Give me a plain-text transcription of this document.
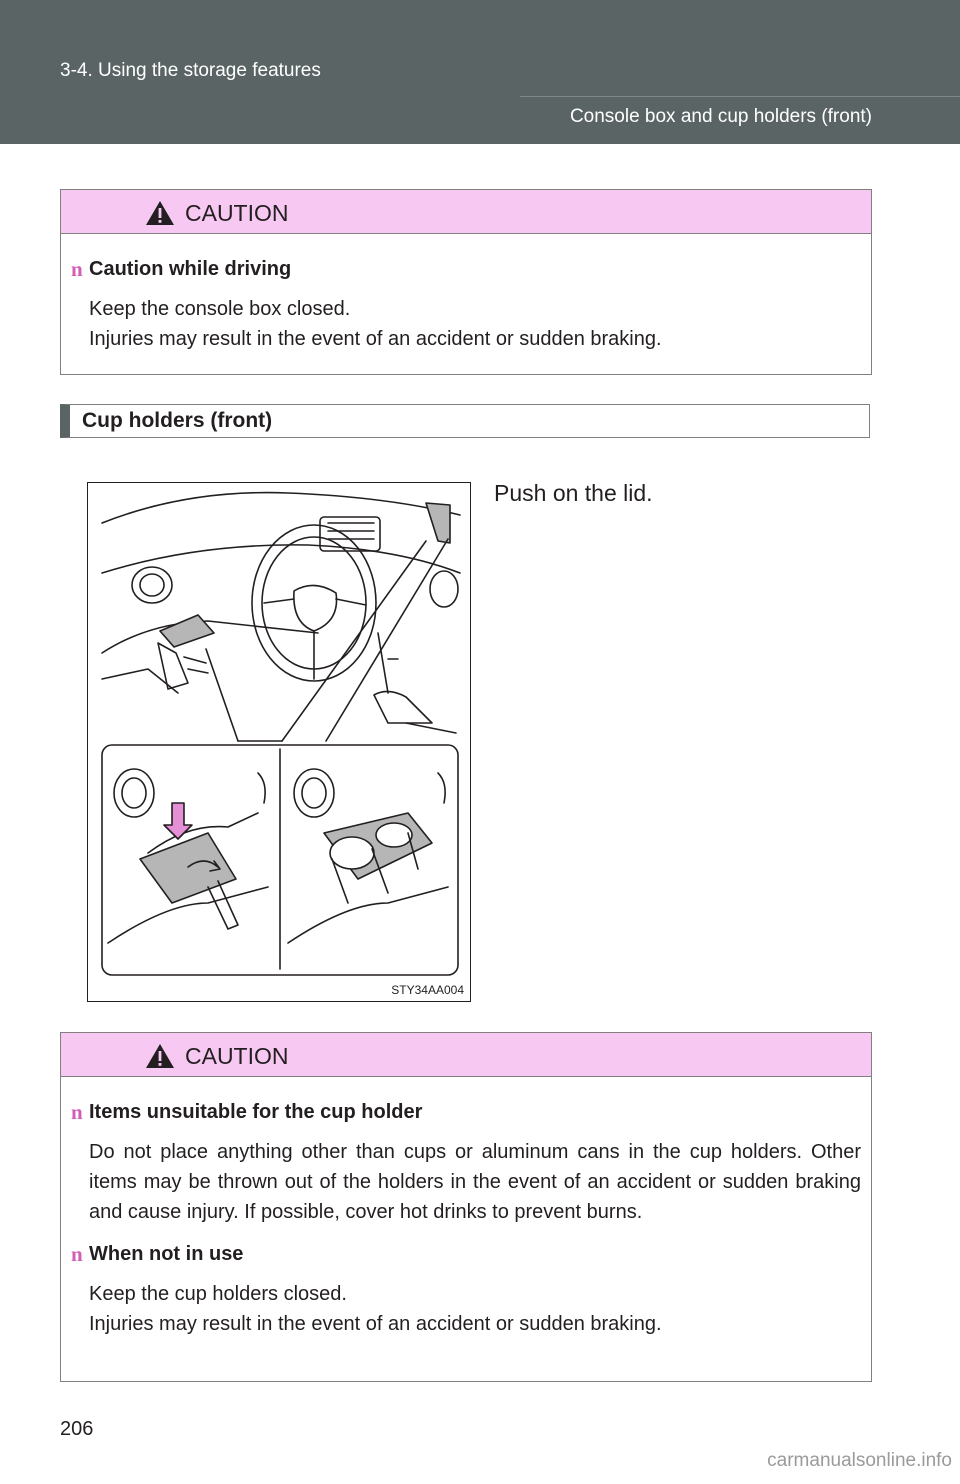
3-4. Using the storage features
Console box and cup holders (front)
CAUTION
n Caution while driving

Keep the console box closed.

Injuries may result in the event of an accident or sudden braking.

Cup holders (front)
STY34AA004
Push on the lid.
CAUTION
n Items unsuitable for the cup holder

Do not place anything other than cups or aluminum cans in the cup holders. Other items may be thrown out of the holders in the event of an accident or sudden braking and cause injury. If possible, cover hot drinks to prevent burns.

n When not in use

Keep the cup holders closed.

Injuries may result in the event of an accident or sudden braking.

206
carmanualsonline.info
